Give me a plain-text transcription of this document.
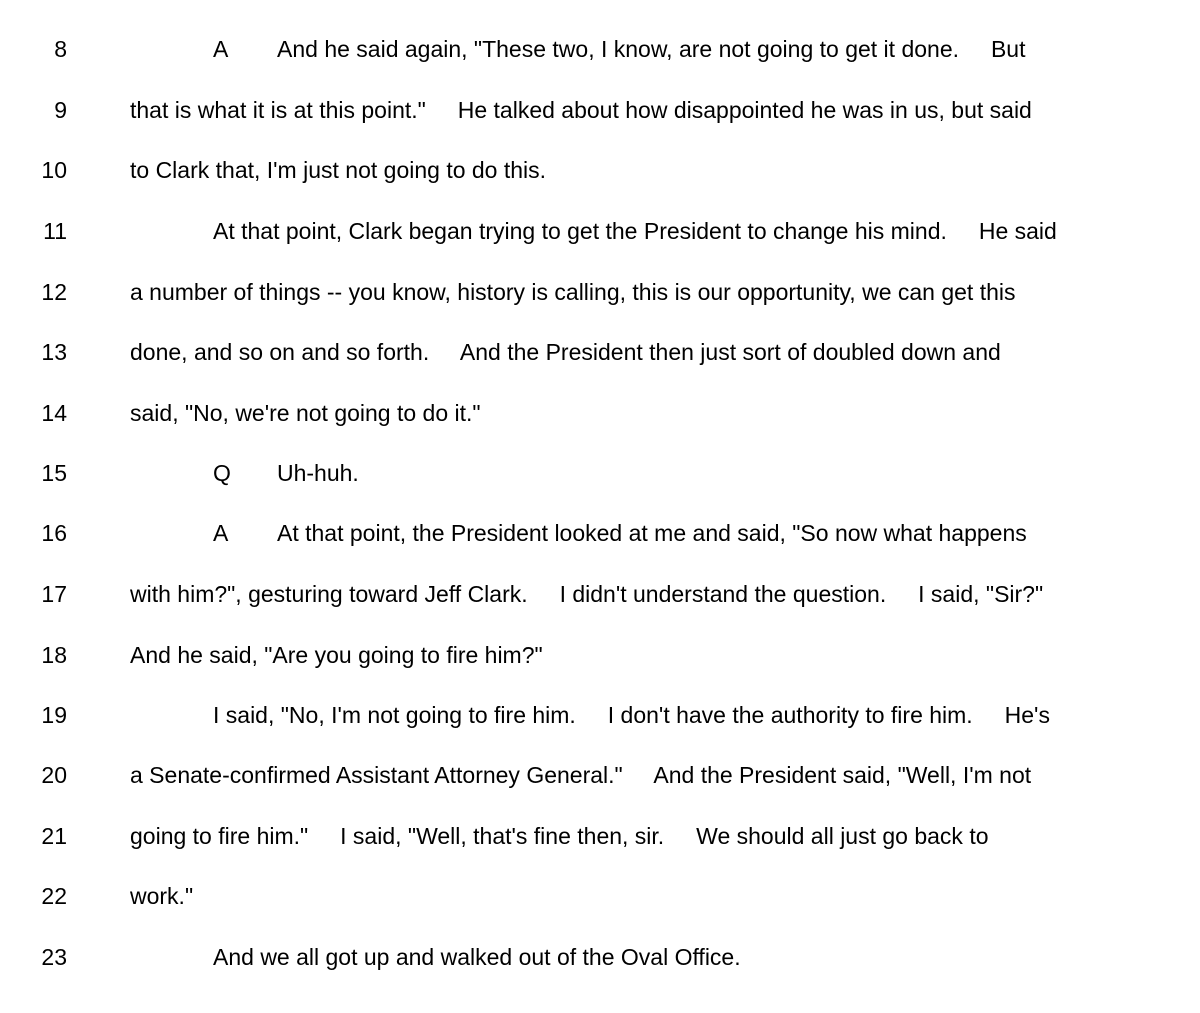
8	A And he said again, "These two, I know, are not going to get it done.     But
9	that is what it is at this point."     He talked about how disappointed he was in us, but said
10	to Clark that, I'm just not going to do this.
11	At that point, Clark began trying to get the President to change his mind.     He said
12	a number of things -- you know, history is calling, this is our opportunity, we can get this
13	done, and so on and so forth.     And the President then just sort of doubled down and
14	said, "No, we're not going to do it."
15	Q Uh-huh.
16	A At that point, the President looked at me and said, "So now what happens
17	with him?", gesturing toward Jeff Clark.     I didn't understand the question.     I said, "Sir?"
18	And he said, "Are you going to fire him?"
19	I said, "No, I'm not going to fire him.     I don't have the authority to fire him.     He's
20	a Senate-confirmed Assistant Attorney General."     And the President said, "Well, I'm not
21	going to fire him."     I said, "Well, that's fine then, sir.     We should all just go back to
22	work."
23	And we all got up and walked out of the Oval Office.
